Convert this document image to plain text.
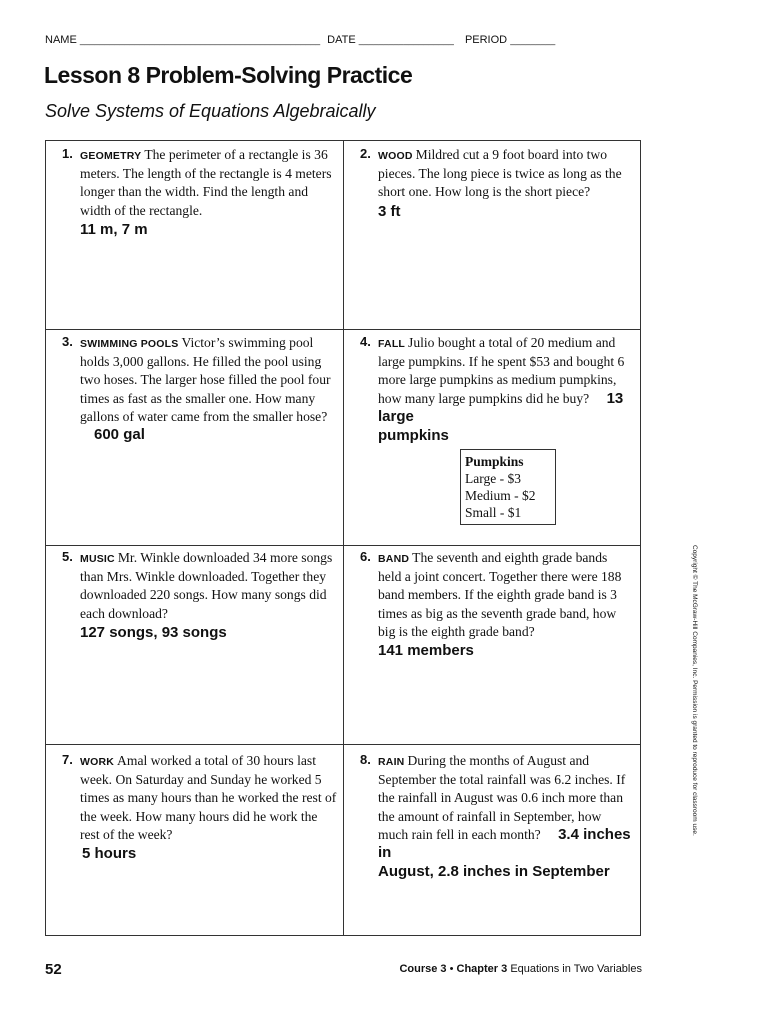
NAME ________________________________________________ DATE ___________________ PERIOD _________
Lesson 8 Problem-Solving Practice
Solve Systems of Equations Algebraically
1. GEOMETRY The perimeter of a rectangle is 36 meters. The length of the rectangle is 4 meters longer than the width. Find the length and width of the rectangle.
11 m, 7 m
2. WOOD Mildred cut a 9 foot board into two pieces. The long piece is twice as long as the short one. How long is the short piece?
3 ft
3. SWIMMING POOLS Victor’s swimming pool holds 3,000 gallons. He filled the pool using two hoses. The larger hose filled the pool four times as fast as the smaller one. How many gallons of water came from the smaller hose? 600 gal
4. FALL Julio bought a total of 20 medium and large pumpkins. If he spent $53 and bought 6 more large pumpkins as medium pumpkins, how many large pumpkins did he buy? 13 large
pumpkins
Pumpkins
Large - $3
Medium - $2
Small - $1
5. MUSIC Mr. Winkle downloaded 34 more songs than Mrs. Winkle downloaded. Together they downloaded 220 songs. How many songs did each download?
127 songs, 93 songs
6. BAND The seventh and eighth grade bands held a joint concert. Together there were 188 band members. If the eighth grade band is 3 times as big as the seventh grade band, how big is the eighth grade band?
141 members
7. WORK Amal worked a total of 30 hours last week. On Saturday and Sunday he worked 5 times as many hours than he worked the rest of the week. How many hours did he work the rest of the week?
5 hours
8. RAIN During the months of August and September the total rainfall was 6.2 inches. If the rainfall in August was 0.6 inch more than the amount of rainfall in September, how much rain fell in each month? 3.4 inches in
August, 2.8 inches in September
Copyright © The McGraw-Hill Companies, Inc. Permission is granted to reproduce for classroom use.
52	Course 3 • Chapter 3 Equations in Two Variables
